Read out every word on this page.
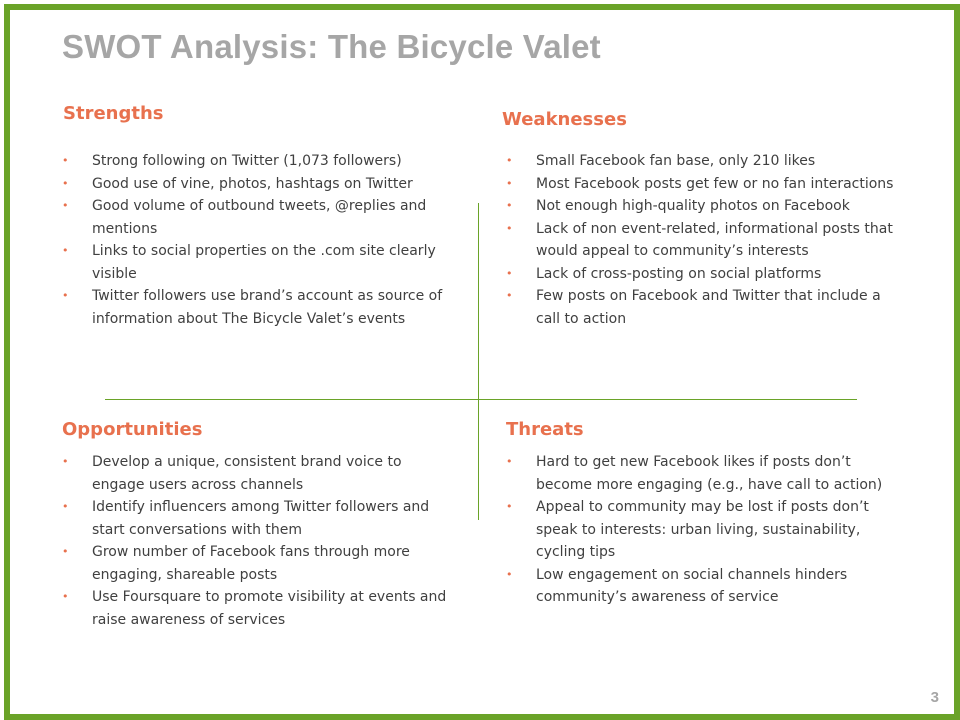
SWOT Analysis: The Bicycle Valet
Strengths
• Strong following on Twitter (1,073 followers)
• Good use of vine, photos, hashtags on Twitter
• Good volume of outbound tweets, @replies and mentions
• Links to social properties on the .com site clearly visible
• Twitter followers use brand’s account as source of information about The Bicycle Valet’s events
Weaknesses
• Small Facebook fan base, only 210 likes
• Most Facebook posts get few or no fan interactions
• Not enough high-quality photos on Facebook
• Lack of non event-related, informational posts that would appeal to community’s interests
• Lack of cross-posting on social platforms
• Few posts on Facebook and Twitter that include a call to action
Opportunities
• Develop a unique, consistent brand voice to engage users across channels
• Identify influencers among Twitter followers and start conversations with them
• Grow number of Facebook fans through more engaging, shareable posts
• Use Foursquare to promote visibility at events and raise awareness of services
Threats
• Hard to get new Facebook likes if posts don’t become more engaging (e.g., have call to action)
• Appeal to community may be lost if posts don’t speak to interests: urban living, sustainability, cycling tips
• Low engagement on social channels hinders community’s awareness of service
3
